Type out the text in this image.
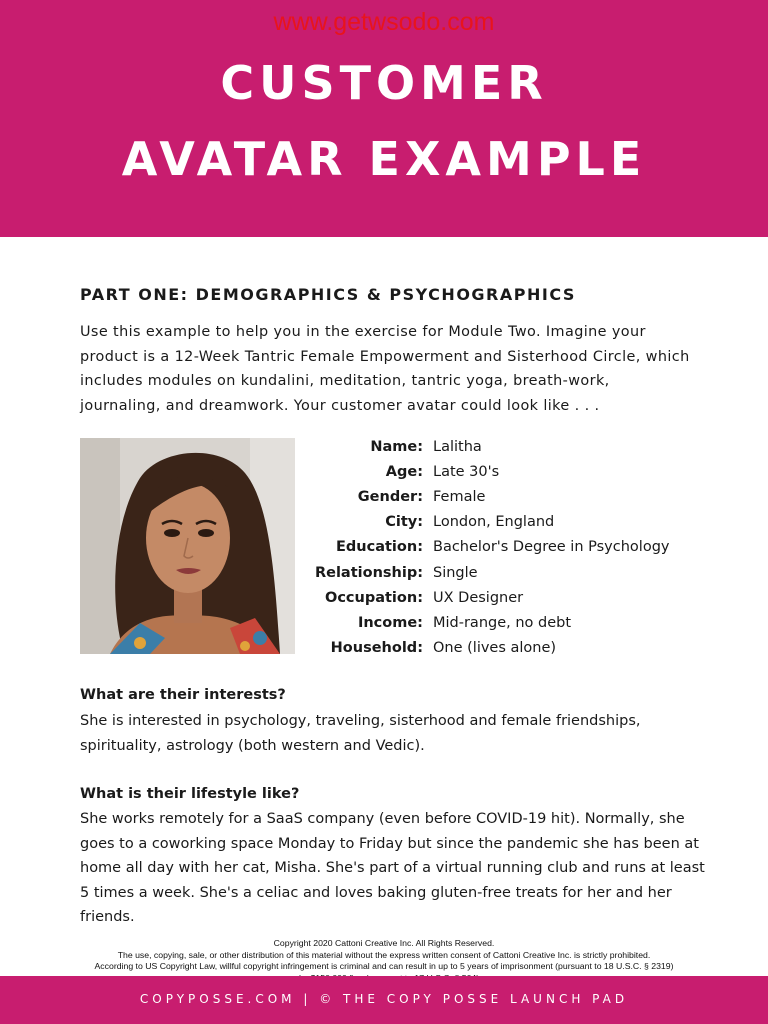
www.getwsodo.com
CUSTOMER
AVATAR EXAMPLE
PART ONE: DEMOGRAPHICS & PSYCHOGRAPHICS

Use this example to help you in the exercise for Module Two. Imagine your product is a 12-Week Tantric Female Empowerment and Sisterhood Circle, which includes modules on kundalini, meditation, tantric yoga, breath-work, journaling, and dreamwork. Your customer avatar could look like . . .

Name: Lalitha
Age: Late 30's
Gender: Female
City: London, England
Education: Bachelor's Degree in Psychology
Relationship: Single
Occupation: UX Designer
Income: Mid-range, no debt
Household: One (lives alone)

What are their interests?

She is interested in psychology, traveling, sisterhood and female friendships, spirituality, astrology (both western and Vedic).

What is their lifestyle like?

She works remotely for a SaaS company (even before COVID-19 hit). Normally, she goes to a coworking space Monday to Friday but since the pandemic she has been at home all day with her cat, Misha. She's part of a virtual running club and runs at least 5 times a week. She's a celiac and loves baking gluten-free treats for her and her friends.

Copyright 2020 Cattoni Creative Inc. All Rights Reserved.
The use, copying, sale, or other distribution of this material without the express written consent of Cattoni Creative Inc. is strictly prohibited.
According to US Copyright Law, willful copyright infringement is criminal and can result in up to 5 years of imprisonment (pursuant to 18 U.S.C. § 2319)
COPYPOSSE.COM | © THE COPY POSSE LAUNCH PAD
